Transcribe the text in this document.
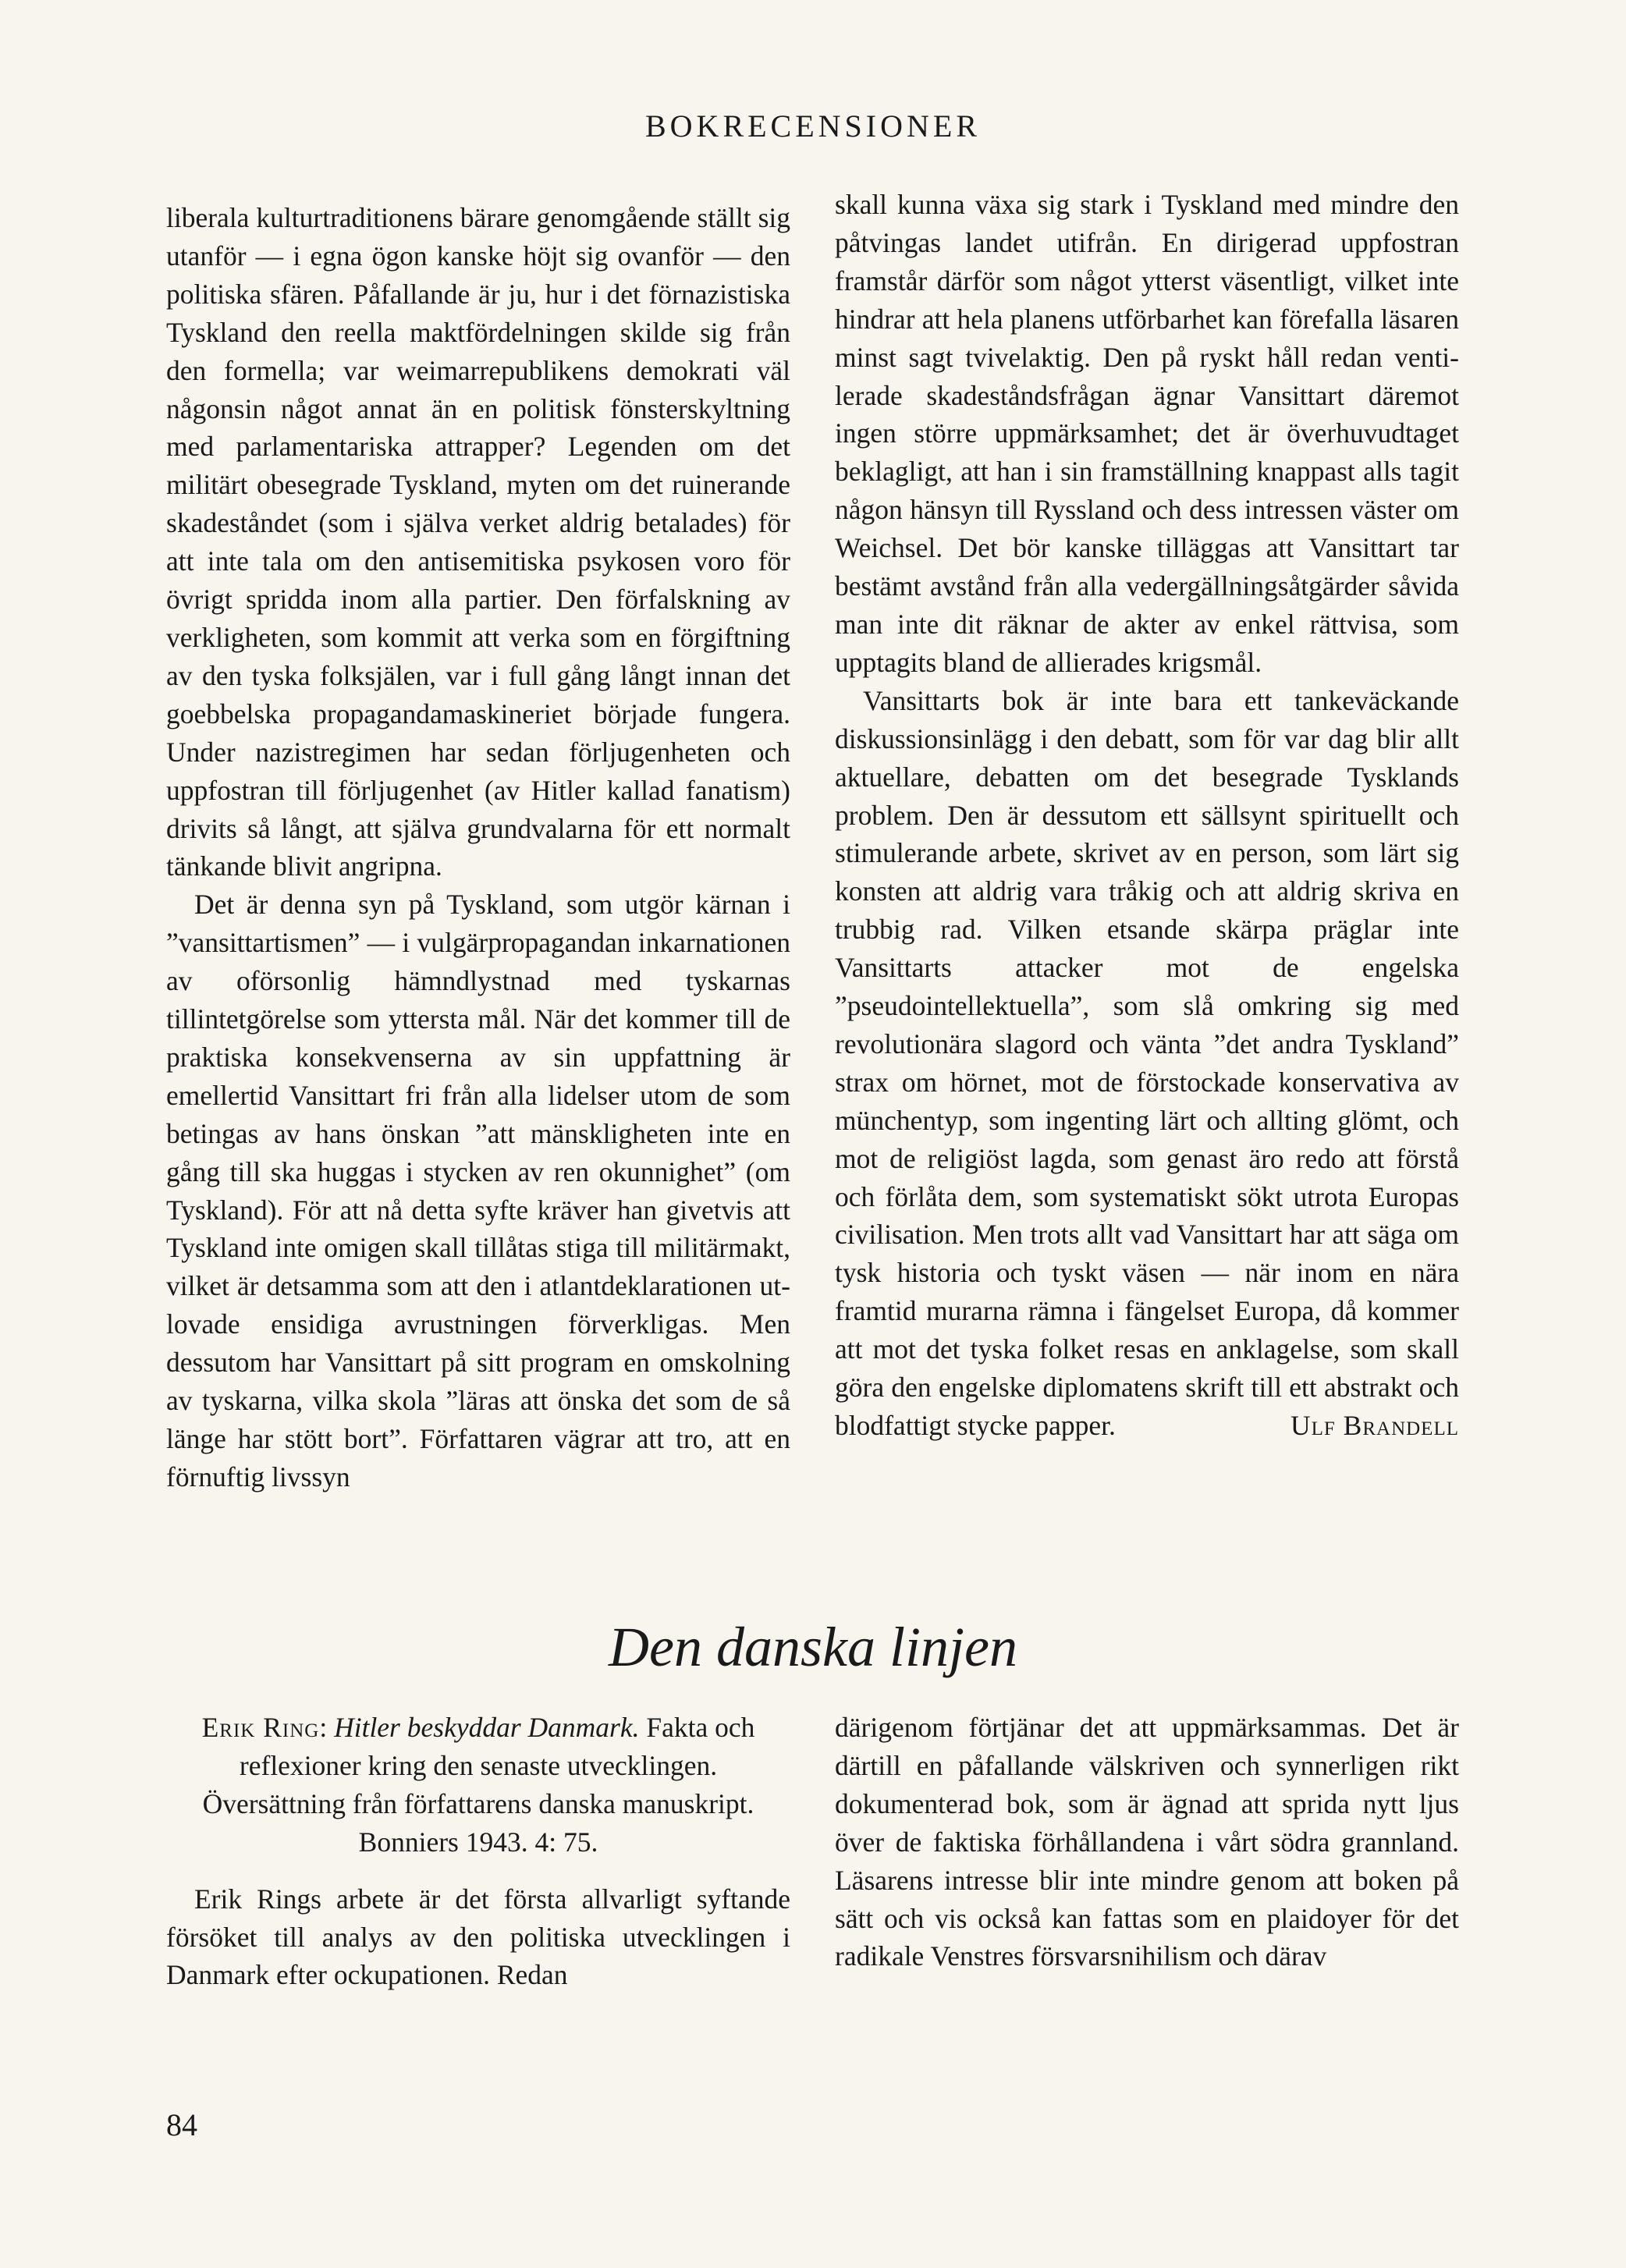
BOKRECENSIONER

liberala kulturtraditionens bärare genomgående ställt sig utanför — i egna ögon kanske höjt sig ovanför — den politiska sfären. Påfallande är ju, hur i det förnazistiska Tyskland den reella maktfördelningen skilde sig från den formella; var weimarrepublikens demokrati väl någonsin något annat än en politisk fönsterskyltning med parlamentariska attrapper? Legenden om det militärt obesegrade Tyskland, myten om det ruinerande skadeståndet (som i själva verket aldrig betalades) för att inte tala om den antisemitiska psykosen voro för övrigt spridda inom alla partier. Den förfalskning av verkligheten, som kommit att verka som en förgiftning av den tyska folksjälen, var i full gång långt innan det goebbelska propagandamaskineriet började fungera. Under nazistregimen har sedan förljugenheten och uppfostran till förljugenhet (av Hitler kallad fanatism) drivits så långt, att själva grundvalarna för ett normalt tänkande blivit angripna.

Det är denna syn på Tyskland, som utgör kärnan i ”vansittartismen” — i vulgärpropagandan inkarnationen av oförsonlig hämndlystnad med tyskarnas tillintetgörelse som yttersta mål. När det kommer till de praktiska konsekvenserna av sin uppfattning är emellertid Vansittart fri från alla lidelser utom de som betingas av hans önskan ”att mänskligheten inte en gång till ska huggas i stycken av ren okunnighet” (om Tyskland). För att nå detta syfte kräver han givetvis att Tyskland inte omigen skall tillåtas stiga till militärmakt, vilket är detsamma som att den i atlantdeklarationen utlovade ensidiga avrustningen förverkligas. Men dessutom har Vansittart på sitt program en omskolning av tyskarna, vilka skola ”läras att önska det som de så länge har stött bort”. Författaren vägrar att tro, att en förnuftig livssyn

skall kunna växa sig stark i Tyskland med mindre den påtvingas landet utifrån. En dirigerad uppfostran framstår därför som något ytterst väsentligt, vilket inte hindrar att hela planens utförbarhet kan förefalla läsaren minst sagt tvivelaktig. Den på ryskt håll redan ventilerade skadeståndsfrågan ägnar Vansittart däremot ingen större uppmärksamhet; det är överhuvudtaget beklagligt, att han i sin framställning knappast alls tagit någon hänsyn till Ryssland och dess intressen väster om Weichsel. Det bör kanske tilläggas att Vansittart tar bestämt avstånd från alla vedergällningsåtgärder såvida man inte dit räknar de akter av enkel rättvisa, som upptagits bland de allierades krigsmål.

Vansittarts bok är inte bara ett tankeväckande diskussionsinlägg i den debatt, som för var dag blir allt aktuellare, debatten om det besegrade Tysklands problem. Den är dessutom ett sällsynt spirituellt och stimulerande arbete, skrivet av en person, som lärt sig konsten att aldrig vara tråkig och att aldrig skriva en trubbig rad. Vilken etsande skärpa präglar inte Vansittarts attacker mot de engelska ”pseudointellektuella”, som slå omkring sig med revolutionära slagord och vänta ”det andra Tyskland” strax om hörnet, mot de förstockade konservativa av münchentyp, som ingenting lärt och allting glömt, och mot de religiöst lagda, som genast äro redo att förstå och förlåta dem, som systematiskt sökt utrota Europas civilisation. Men trots allt vad Vansittart har att säga om tysk historia och tyskt väsen — när inom en nära framtid murarna rämna i fängelset Europa, då kommer att mot det tyska folket resas en anklagelse, som skall göra den engelske diplomatens skrift till ett abstrakt och blodfattigt stycke papper.	Ulf Brandell
Den danska linjen
Erik Ring: Hitler beskyddar Danmark. Fakta och reflexioner kring den senaste utvecklingen. Översättning från författarens danska manuskript. Bonniers 1943. 4: 75.

Erik Rings arbete är det första allvarligt syftande försöket till analys av den politiska utvecklingen i Danmark efter ockupationen. Redan

därigenom förtjänar det att uppmärksammas. Det är därtill en påfallande välskriven och synnerligen rikt dokumenterad bok, som är ägnad att sprida nytt ljus över de faktiska förhållandena i vårt södra grannland. Läsarens intresse blir inte mindre genom att boken på sätt och vis också kan fattas som en plaidoyer för det radikale Venstres försvarsnihilism och därav

84
